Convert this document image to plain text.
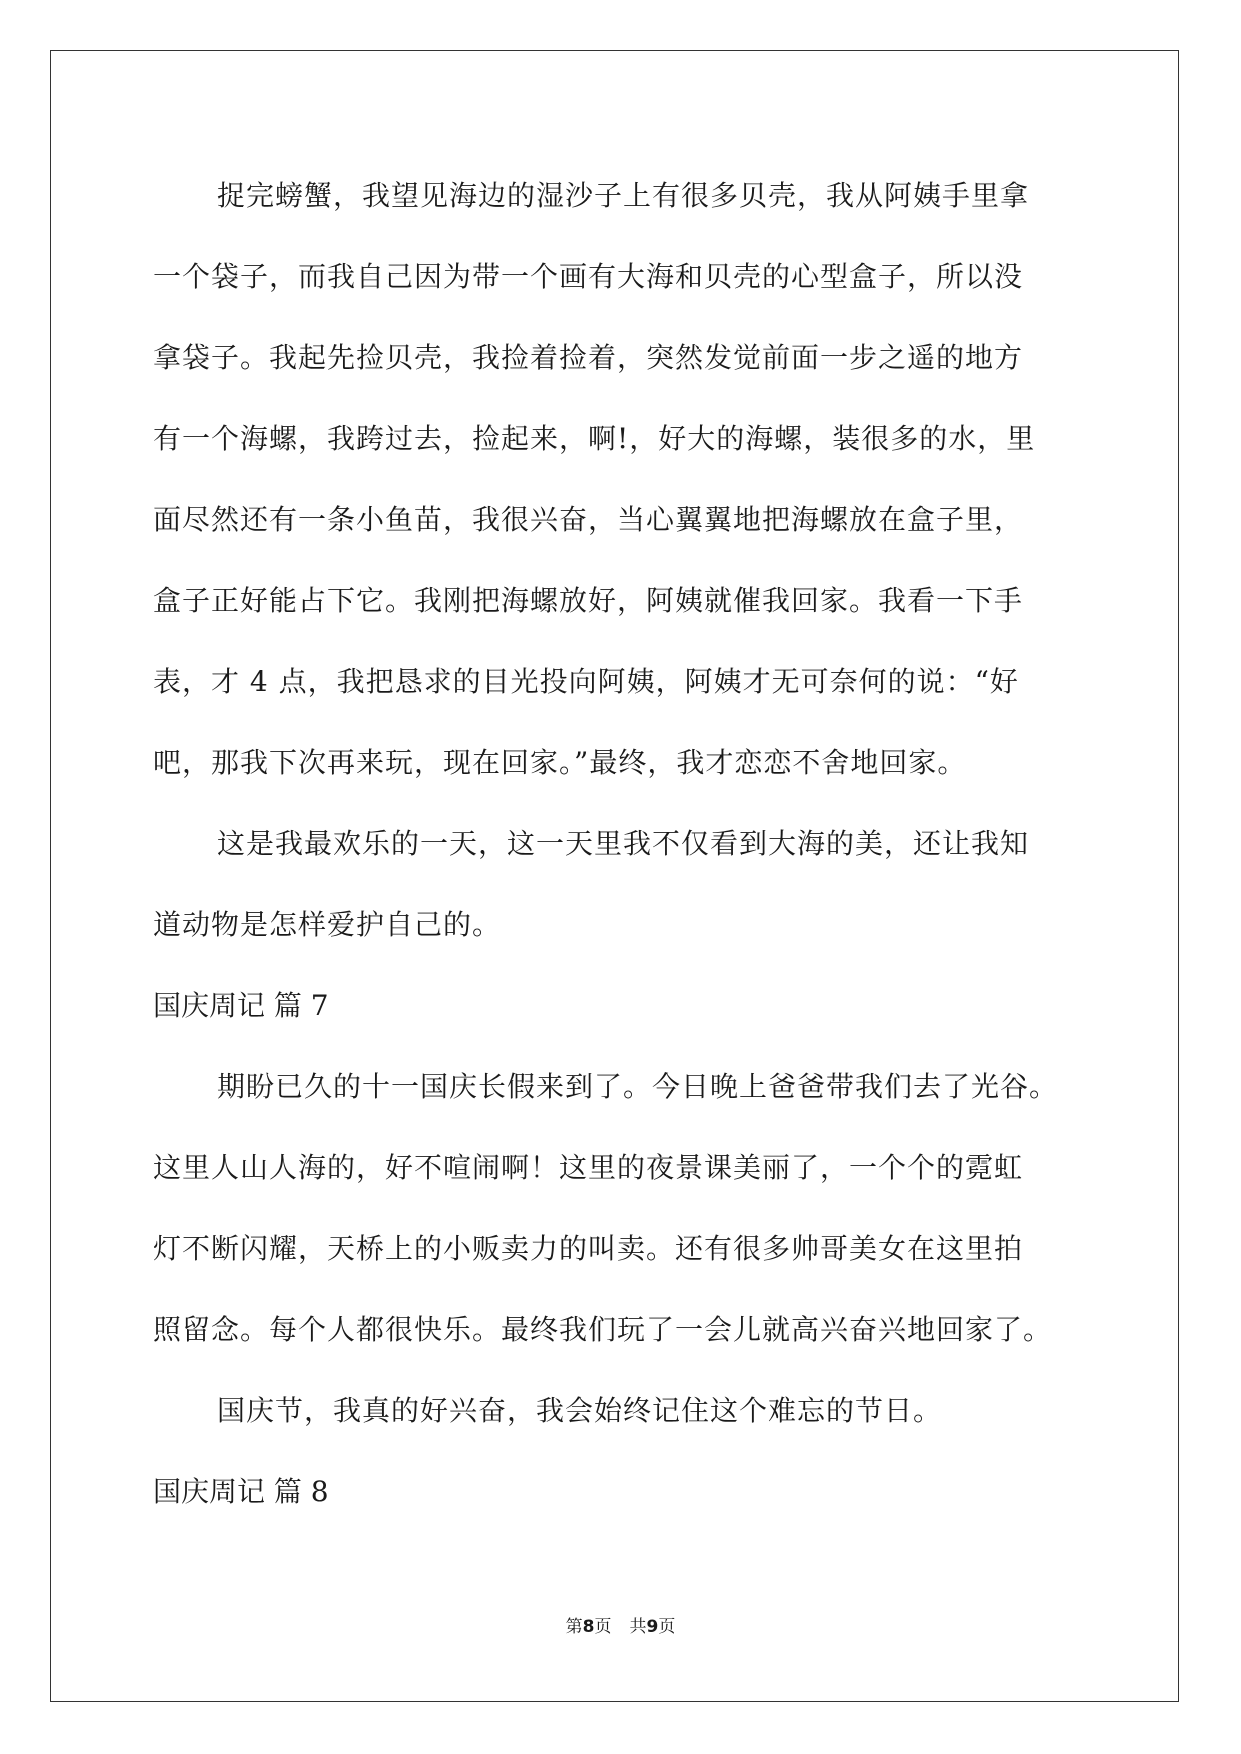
捉完螃蟹，我望见海边的湿沙子上有很多贝壳，我从阿姨手里拿
一个袋子，而我自己因为带一个画有大海和贝壳的心型盒子，所以没
拿袋子。我起先捡贝壳，我捡着捡着，突然发觉前面一步之遥的地方
有一个海螺，我跨过去，捡起来，啊!，好大的海螺，装很多的水，里
面尽然还有一条小鱼苗，我很兴奋，当心翼翼地把海螺放在盒子里，
盒子正好能占下它。我刚把海螺放好，阿姨就催我回家。我看一下手
表，才 4 点，我把恳求的目光投向阿姨，阿姨才无可奈何的说：“好
吧，那我下次再来玩，现在回家。”最终，我才恋恋不舍地回家。
这是我最欢乐的一天，这一天里我不仅看到大海的美，还让我知
道动物是怎样爱护自己的。
国庆周记 篇 7
期盼已久的十一国庆长假来到了。今日晚上爸爸带我们去了光谷。
这里人山人海的，好不喧闹啊！这里的夜景课美丽了，一个个的霓虹
灯不断闪耀，天桥上的小贩卖力的叫卖。还有很多帅哥美女在这里拍
照留念。每个人都很快乐。最终我们玩了一会儿就高兴奋兴地回家了。
国庆节，我真的好兴奋，我会始终记住这个难忘的节日。
国庆周记 篇 8
第8页 共9页
